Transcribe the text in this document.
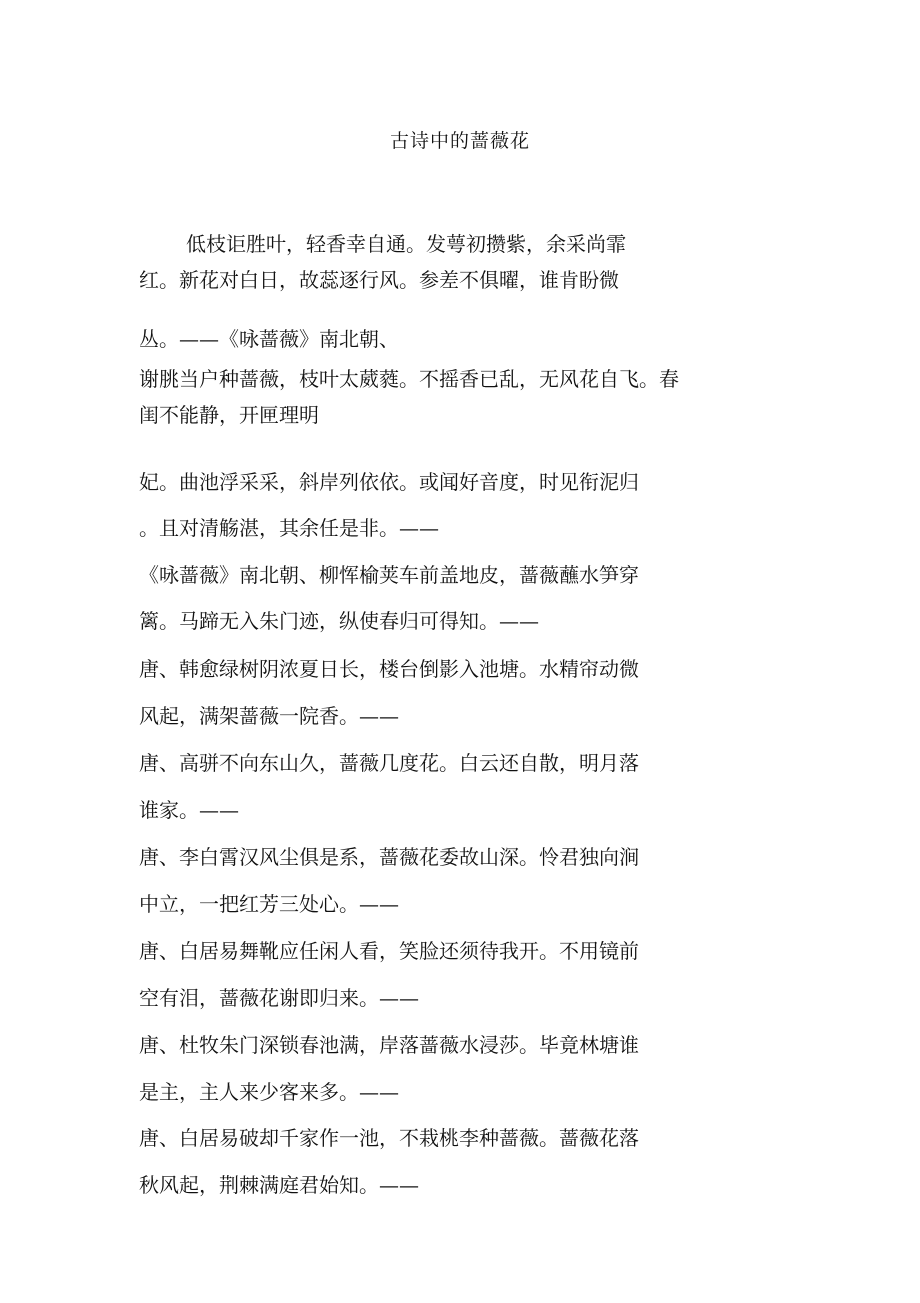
古诗中的蔷薇花

低枝讵胜叶，轻香幸自通。发萼初攒紫，余采尚霏

红。新花对白日，故蕊逐行风。参差不俱曜，谁肯盼微

丛。——《咏蔷薇》南北朝、

谢朓当户种蔷薇，枝叶太葳蕤。不摇香已乱，无风花自飞。春

闺不能静，开匣理明

妃。曲池浮采采，斜岸列依依。或闻好音度，时见衔泥归

。且对清觞湛，其余任是非。——

《咏蔷薇》南北朝、柳恽榆荚车前盖地皮，蔷薇蘸水笋穿

篱。马蹄无入朱门迹，纵使春归可得知。——

唐、韩愈绿树阴浓夏日长，楼台倒影入池塘。水精帘动微

风起，满架蔷薇一院香。——

唐、高骈不向东山久，蔷薇几度花。白云还自散，明月落

谁家。——

唐、李白霄汉风尘俱是系，蔷薇花委故山深。怜君独向涧

中立，一把红芳三处心。——

唐、白居易舞靴应任闲人看，笑脸还须待我开。不用镜前

空有泪，蔷薇花谢即归来。——

唐、杜牧朱门深锁春池满，岸落蔷薇水浸莎。毕竟林塘谁

是主，主人来少客来多。——

唐、白居易破却千家作一池，不栽桃李种蔷薇。蔷薇花落

秋风起，荆棘满庭君始知。——
